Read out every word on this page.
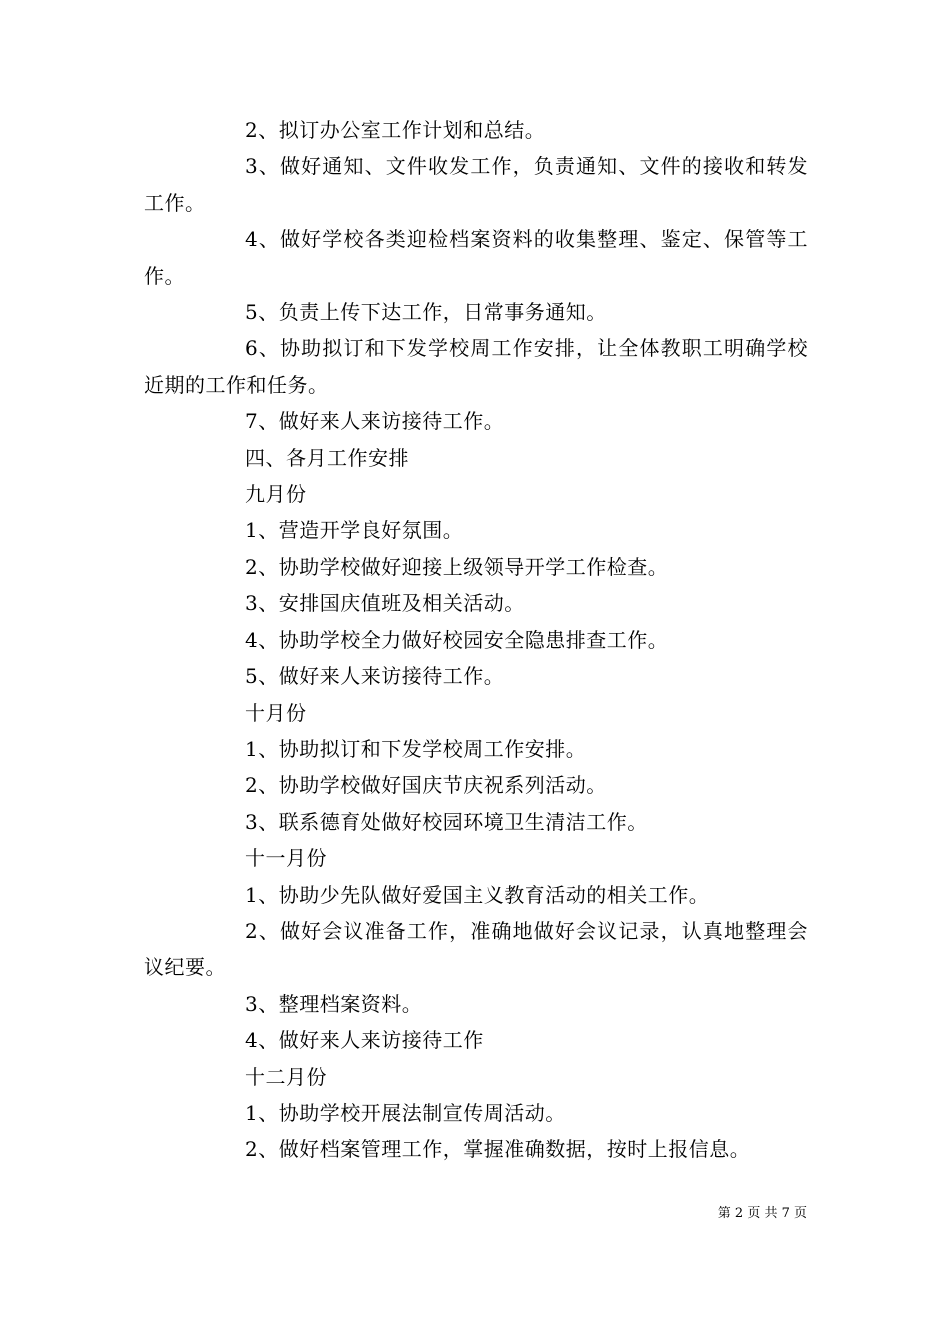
2、拟订办公室工作计划和总结。

3、做好通知、文件收发工作，负责通知、文件的接收和转发工作。

4、做好学校各类迎检档案资料的收集整理、鉴定、保管等工作。

5、负责上传下达工作，日常事务通知。

6、协助拟订和下发学校周工作安排，让全体教职工明确学校近期的工作和任务。

7、做好来人来访接待工作。

四、各月工作安排

九月份

1、营造开学良好氛围。

2、协助学校做好迎接上级领导开学工作检查。

3、安排国庆值班及相关活动。

4、协助学校全力做好校园安全隐患排查工作。

5、做好来人来访接待工作。

十月份

1、协助拟订和下发学校周工作安排。

2、协助学校做好国庆节庆祝系列活动。

3、联系德育处做好校园环境卫生清洁工作。

十一月份

1、协助少先队做好爱国主义教育活动的相关工作。

2、做好会议准备工作，准确地做好会议记录，认真地整理会议纪要。

3、整理档案资料。

4、做好来人来访接待工作

十二月份

1、协助学校开展法制宣传周活动。

2、做好档案管理工作，掌握准确数据，按时上报信息。

第 2 页 共 7 页
